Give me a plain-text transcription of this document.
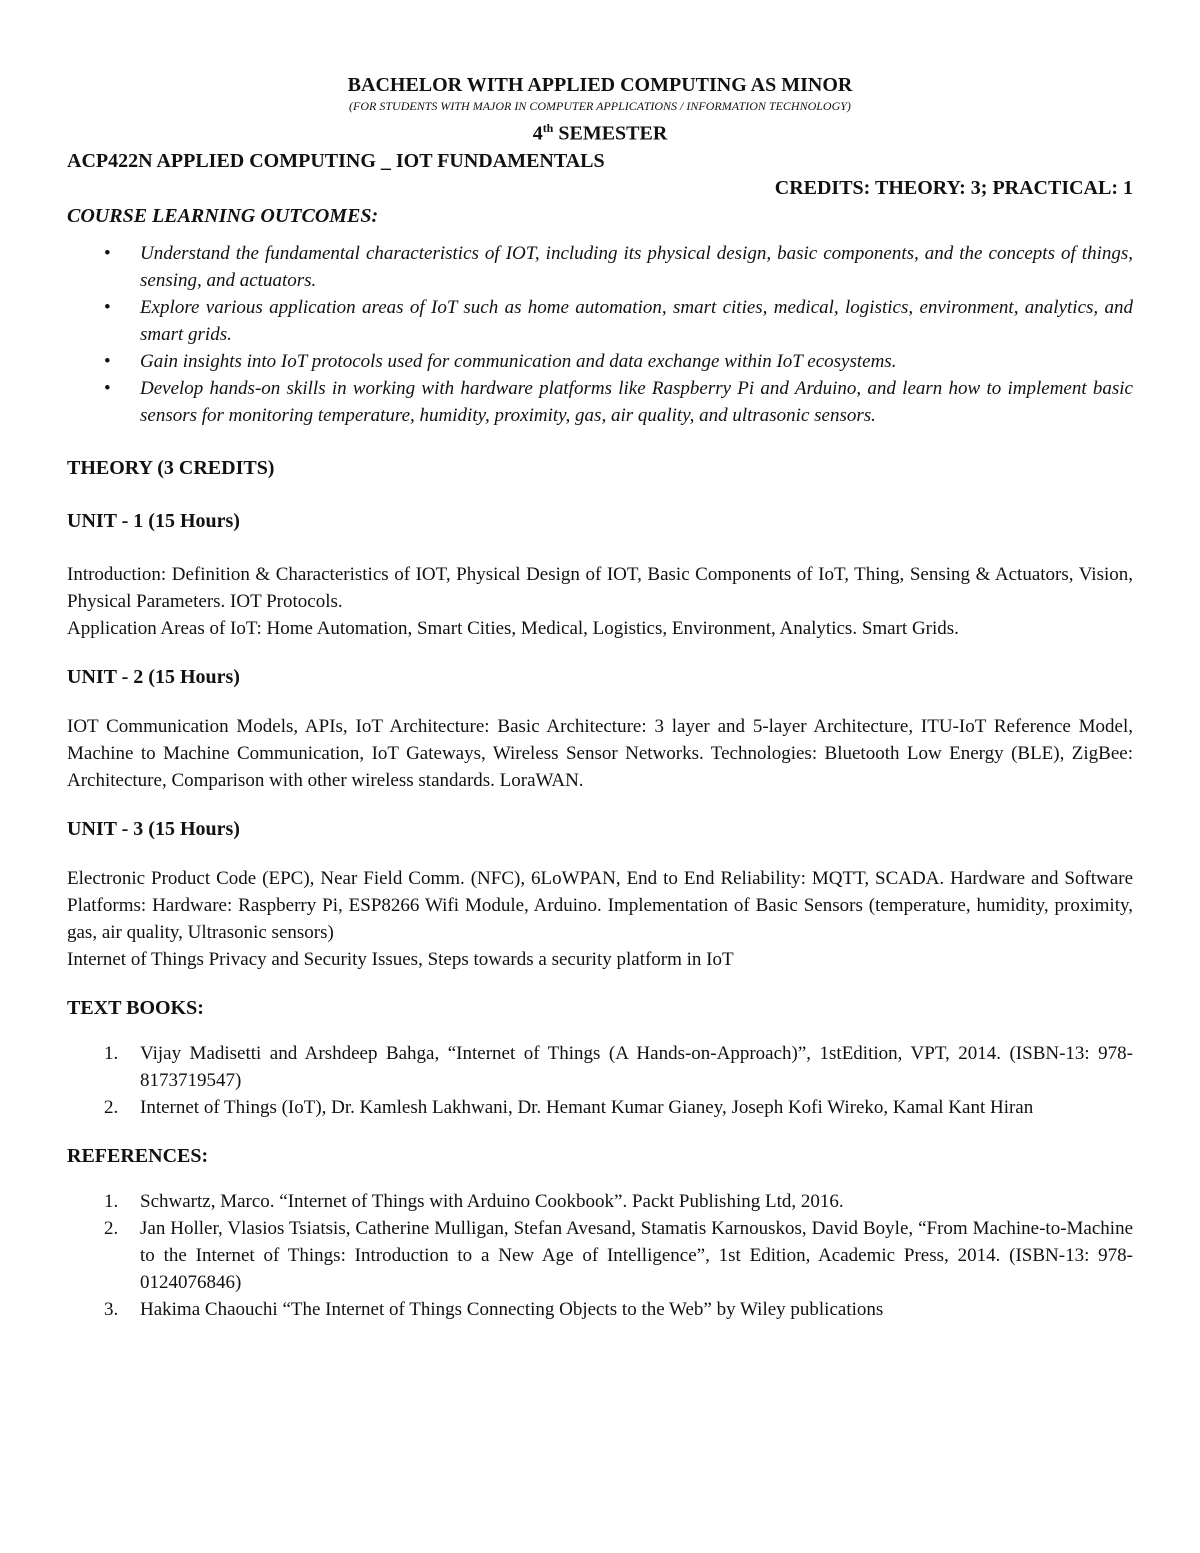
BACHELOR WITH APPLIED COMPUTING AS MINOR

(FOR STUDENTS WITH MAJOR IN COMPUTER APPLICATIONS / INFORMATION TECHNOLOGY)

4th SEMESTER

ACP422N APPLIED COMPUTING _ IOT FUNDAMENTALS

CREDITS: THEORY: 3; PRACTICAL: 1

COURSE LEARNING OUTCOMES:

• Understand the fundamental characteristics of IOT, including its physical design, basic components, and the concepts of things, sensing, and actuators.
• Explore various application areas of IoT such as home automation, smart cities, medical, logistics, environment, analytics, and smart grids.
• Gain insights into IoT protocols used for communication and data exchange within IoT ecosystems.
• Develop hands-on skills in working with hardware platforms like Raspberry Pi and Arduino, and learn how to implement basic sensors for monitoring temperature, humidity, proximity, gas, air quality, and ultrasonic sensors.

THEORY (3 CREDITS)

UNIT - 1 (15 Hours)

Introduction: Definition & Characteristics of IOT, Physical Design of IOT, Basic Components of IoT, Thing, Sensing & Actuators, Vision, Physical Parameters. IOT Protocols.

Application Areas of IoT: Home Automation, Smart Cities, Medical, Logistics, Environment, Analytics. Smart Grids.

UNIT - 2 (15 Hours)

IOT Communication Models, APIs, IoT Architecture: Basic Architecture: 3 layer and 5-layer Architecture, ITU-IoT Reference Model, Machine to Machine Communication, IoT Gateways, Wireless Sensor Networks. Technologies: Bluetooth Low Energy (BLE), ZigBee: Architecture, Comparison with other wireless standards. LoraWAN.

UNIT - 3 (15 Hours)

Electronic Product Code (EPC), Near Field Comm. (NFC), 6LoWPAN, End to End Reliability: MQTT, SCADA. Hardware and Software Platforms: Hardware: Raspberry Pi, ESP8266 Wifi Module, Arduino. Implementation of Basic Sensors (temperature, humidity, proximity, gas, air quality, Ultrasonic sensors)

Internet of Things Privacy and Security Issues, Steps towards a security platform in IoT

TEXT BOOKS:

1. Vijay Madisetti and Arshdeep Bahga, “Internet of Things (A Hands-on-Approach)”, 1stEdition, VPT, 2014. (ISBN-13: 978-8173719547)
2. Internet of Things (IoT), Dr. Kamlesh Lakhwani, Dr. Hemant Kumar Gianey, Joseph Kofi Wireko, Kamal Kant Hiran

REFERENCES:

1. Schwartz, Marco. “Internet of Things with Arduino Cookbook”. Packt Publishing Ltd, 2016.
2. Jan Holler, Vlasios Tsiatsis, Catherine Mulligan, Stefan Avesand, Stamatis Karnouskos, David Boyle, “From Machine-to-Machine to the Internet of Things: Introduction to a New Age of Intelligence”, 1st Edition, Academic Press, 2014. (ISBN-13: 978-0124076846)
3. Hakima Chaouchi “The Internet of Things Connecting Objects to the Web” by Wiley publications
